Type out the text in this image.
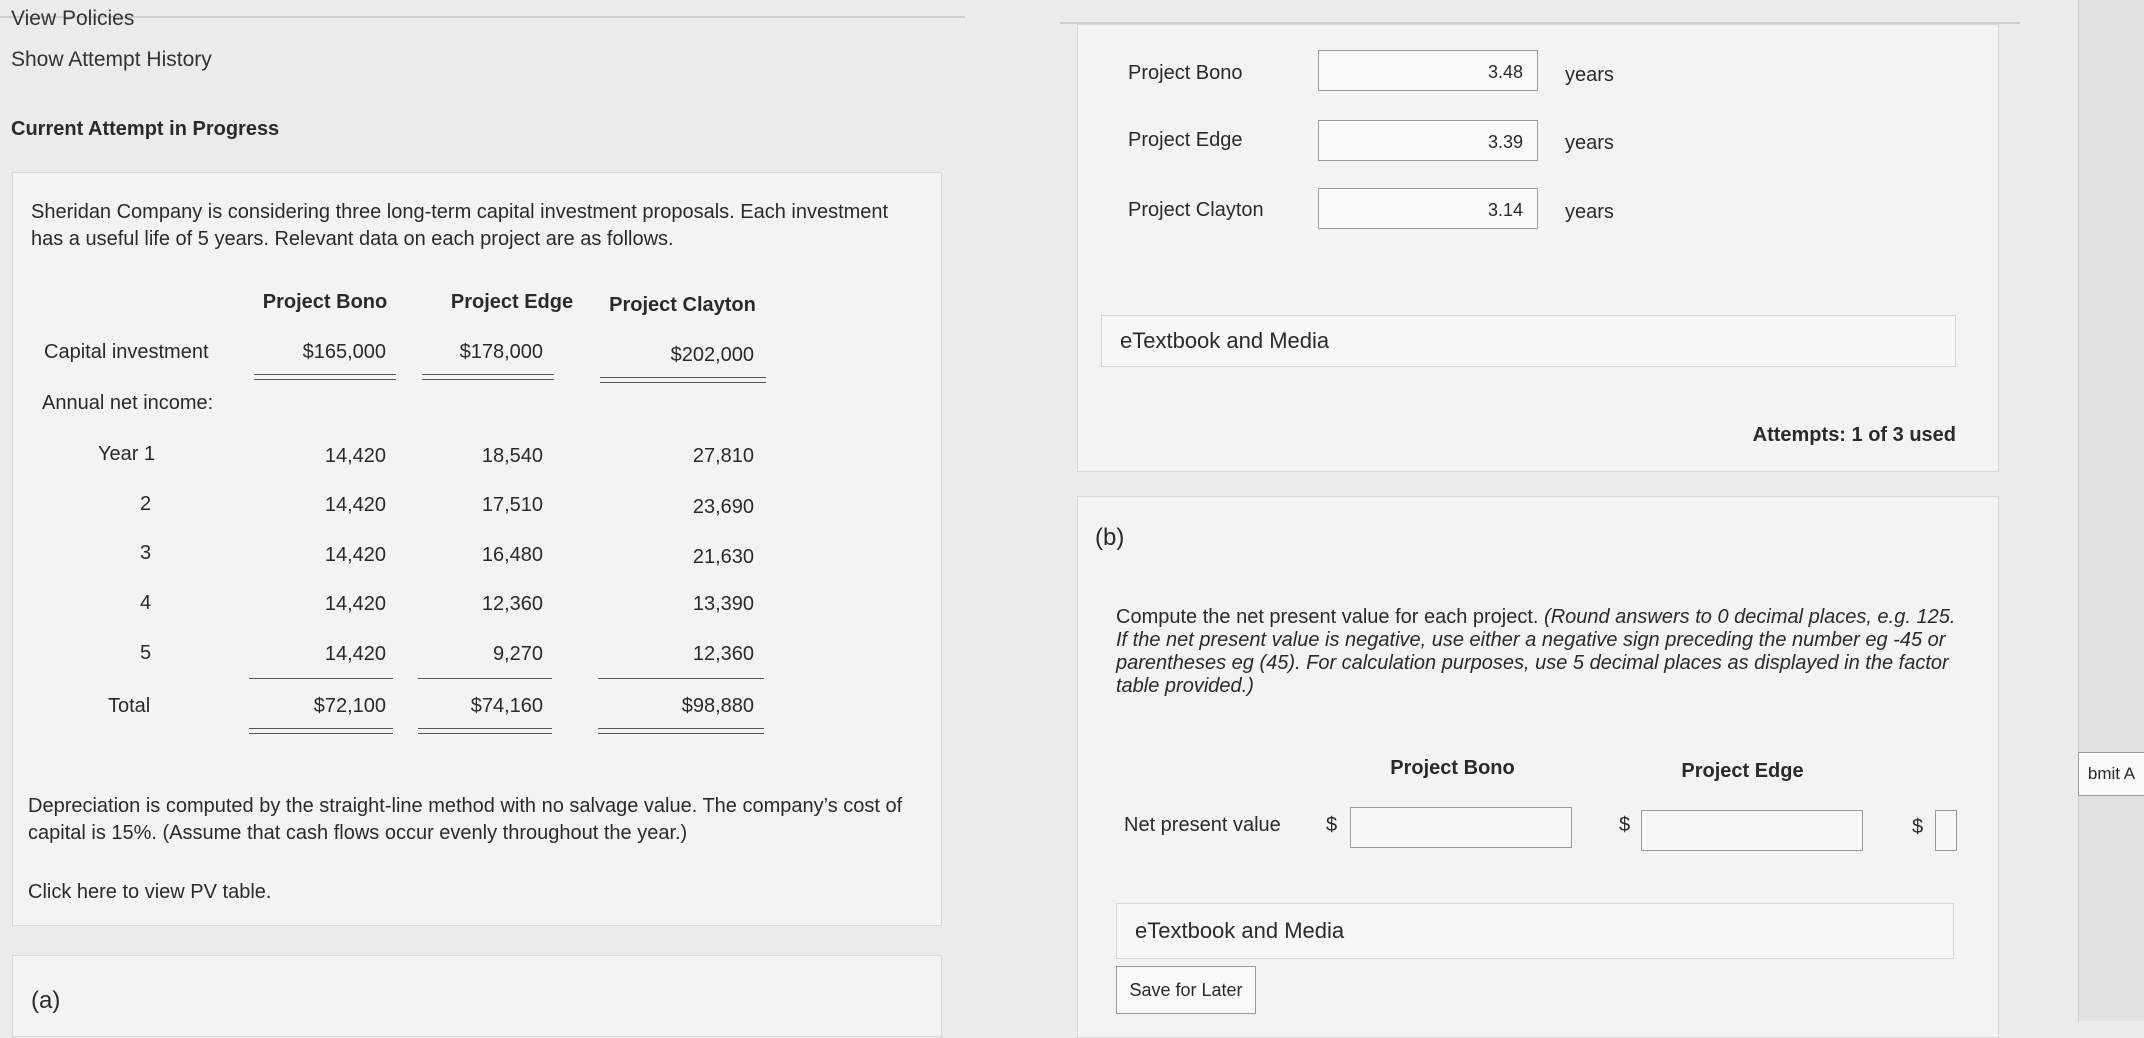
View Policies
Show Attempt History
Current Attempt in Progress
Sheridan Company is considering three long-term capital investment proposals. Each investment has a useful life of 5 years. Relevant data on each project are as follows.
Project Bono	Project Edge	Project Clayton
Capital investment	$165,000	$178,000	$202,000
Annual net income:
Year 1	14,420	18,540	27,810
2	14,420	17,510	23,690
3	14,420	16,480	21,630
4	14,420	12,360	13,390
5	14,420	9,270	12,360
Total	$72,100	$74,160	$98,880
Depreciation is computed by the straight-line method with no salvage value. The company’s cost of capital is 15%. (Assume that cash flows occur evenly throughout the year.)
Click here to view PV table.
(a)
Project Bono	3.48	years
Project Edge	3.39	years
Project Clayton	3.14	years
eTextbook and Media
Attempts: 1 of 3 used
(b)
Compute the net present value for each project. (Round answers to 0 decimal places, e.g. 125. If the net present value is negative, use either a negative sign preceding the number eg -45 or parentheses eg (45). For calculation purposes, use 5 decimal places as displayed in the factor table provided.)
Project Bono	Project Edge
Net present value $	$	$
eTextbook and Media
Save for Later
bmit A
